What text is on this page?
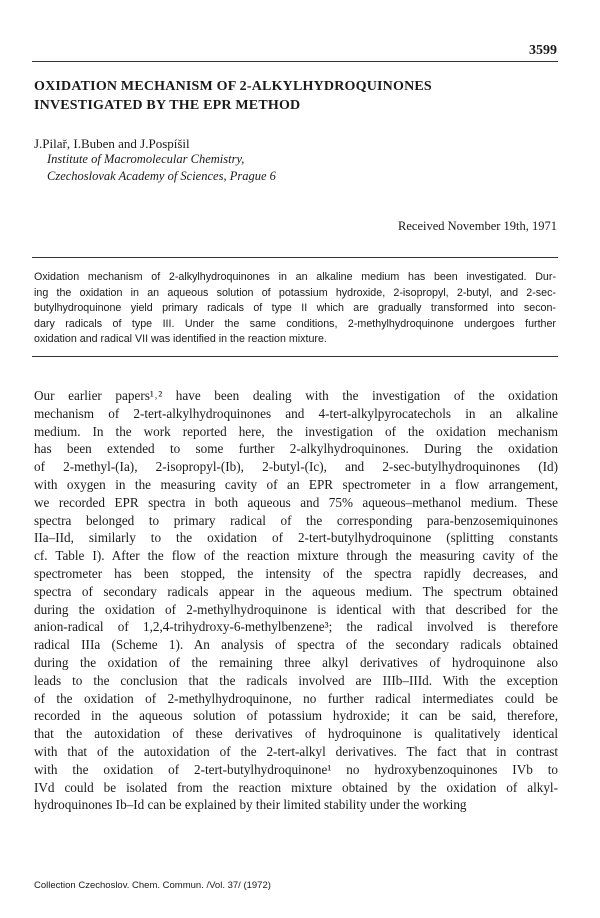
3599
OXIDATION MECHANISM OF 2-ALKYLHYDROQUINONES
INVESTIGATED BY THE EPR METHOD
J.Pilař, I.Buben and J.Pospíšil
Institute of Macromolecular Chemistry,
Czechoslovak Academy of Sciences, Prague 6
Received November 19th, 1971
Oxidation mechanism of 2-alkylhydroquinones in an alkaline medium has been investigated. Dur-
ing the oxidation in an aqueous solution of potassium hydroxide, 2-isopropyl, 2-butyl, and 2-sec-
butylhydroquinone yield primary radicals of type II which are gradually transformed into secon-
dary radicals of type III. Under the same conditions, 2-methylhydroquinone undergoes further
oxidation and radical VII was identified in the reaction mixture.
Our earlier papers¹˒² have been dealing with the investigation of the oxidation
mechanism of 2-tert-alkylhydroquinones and 4-tert-alkylpyrocatechols in an alkaline
medium. In the work reported here, the investigation of the oxidation mechanism
has been extended to some further 2-alkylhydroquinones. During the oxidation
of 2-methyl-(Ia), 2-isopropyl-(Ib), 2-butyl-(Ic), and 2-sec-butylhydroquinones (Id)
with oxygen in the measuring cavity of an EPR spectrometer in a flow arrangement,
we recorded EPR spectra in both aqueous and 75% aqueous–methanol medium. These
spectra belonged to primary radical of the corresponding para-benzosemiquinones
IIa–IId, similarly to the oxidation of 2-tert-butylhydroquinone (splitting constants
cf. Table I). After the flow of the reaction mixture through the measuring cavity of the
spectrometer has been stopped, the intensity of the spectra rapidly decreases, and
spectra of secondary radicals appear in the aqueous medium. The spectrum obtained
during the oxidation of 2-methylhydroquinone is identical with that described for the
anion-radical of 1,2,4-trihydroxy-6-methylbenzene³; the radical involved is therefore
radical IIIa (Scheme 1). An analysis of spectra of the secondary radicals obtained
during the oxidation of the remaining three alkyl derivatives of hydroquinone also
leads to the conclusion that the radicals involved are IIIb–IIId. With the exception
of the oxidation of 2-methylhydroquinone, no further radical intermediates could be
recorded in the aqueous solution of potassium hydroxide; it can be said, therefore,
that the autoxidation of these derivatives of hydroquinone is qualitatively identical
with that of the autoxidation of the 2-tert-alkyl derivatives. The fact that in contrast
with the oxidation of 2-tert-butylhydroquinone¹ no hydroxybenzoquinones IVb to
IVd could be isolated from the reaction mixture obtained by the oxidation of alkyl-
hydroquinones Ib–Id can be explained by their limited stability under the working
Collection Czechoslov. Chem. Commun. /Vol. 37/ (1972)
